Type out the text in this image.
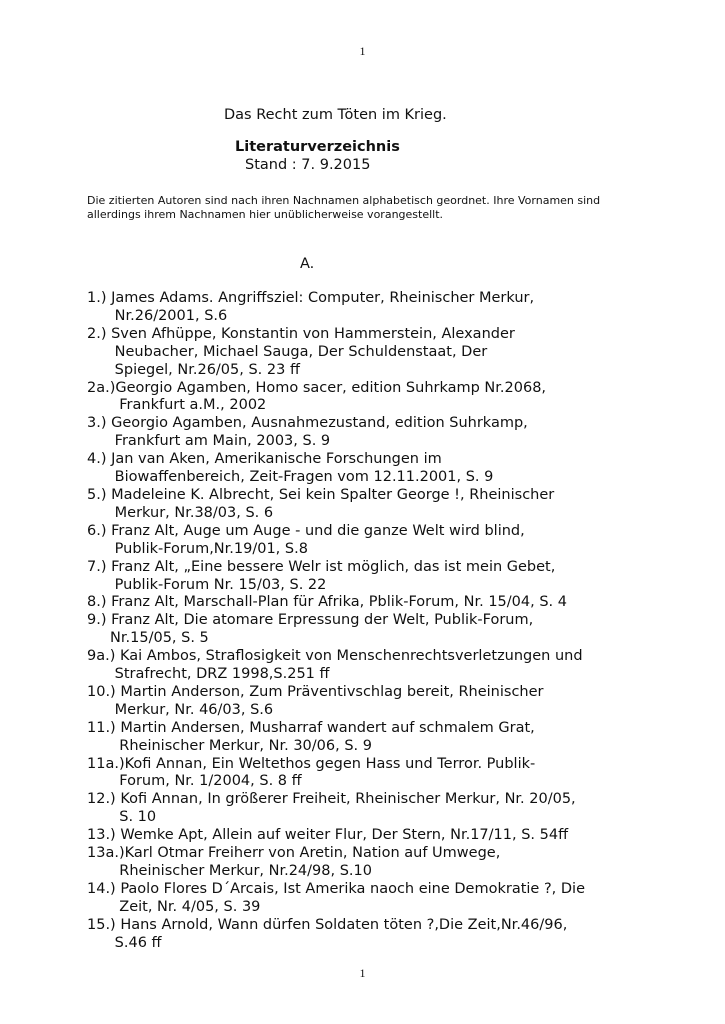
1
Das Recht zum Töten im Krieg.
Literaturverzeichnis
Stand : 7. 9.2015
Die zitierten Autoren sind nach ihren Nachnamen alphabetisch geordnet. Ihre Vornamen sind allerdings ihrem Nachnamen hier unüblicherweise vorangestellt.
A.
1.) James Adams. Angriffsziel: Computer, Rheinischer Merkur,
Nr.26/2001, S.6
2.) Sven Afhüppe, Konstantin von Hammerstein, Alexander
Neubacher, Michael Sauga, Der Schuldenstaat, Der
Spiegel, Nr.26/05, S. 23 ff
2a.)Georgio Agamben, Homo sacer, edition Suhrkamp Nr.2068,
Frankfurt a.M., 2002
3.) Georgio Agamben, Ausnahmezustand, edition Suhrkamp,
Frankfurt am Main, 2003, S. 9
4.) Jan van Aken, Amerikanische Forschungen im
Biowaffenbereich, Zeit-Fragen vom 12.11.2001, S. 9
5.) Madeleine K. Albrecht, Sei kein Spalter George !, Rheinischer
Merkur, Nr.38/03, S. 6
6.) Franz Alt, Auge um Auge - und die ganze Welt wird blind,
Publik-Forum,Nr.19/01, S.8
7.) Franz Alt, „Eine bessere Welr ist möglich, das ist mein Gebet,
Publik-Forum Nr. 15/03, S. 22
8.) Franz Alt, Marschall-Plan für Afrika, Pblik-Forum, Nr. 15/04, S. 4
9.) Franz Alt, Die atomare Erpressung der Welt, Publik-Forum,
Nr.15/05, S. 5
9a.) Kai Ambos, Straflosigkeit von Menschenrechtsverletzungen und
Strafrecht, DRZ 1998,S.251 ff
10.) Martin Anderson, Zum Präventivschlag bereit, Rheinischer
Merkur, Nr. 46/03, S.6
11.) Martin Andersen, Musharraf wandert auf schmalem Grat,
Rheinischer Merkur, Nr. 30/06, S. 9
11a.)Kofi Annan, Ein Weltethos gegen Hass und Terror. Publik-
Forum, Nr. 1/2004, S. 8 ff
12.) Kofi Annan, In größerer Freiheit, Rheinischer Merkur, Nr. 20/05,
S. 10
13.) Wemke Apt, Allein auf weiter Flur, Der Stern, Nr.17/11, S. 54ff
13a.)Karl Otmar Freiherr von Aretin, Nation auf Umwege,
Rheinischer Merkur, Nr.24/98, S.10
14.) Paolo Flores D´Arcais, Ist Amerika naoch eine Demokratie ?, Die
Zeit, Nr. 4/05, S. 39
15.) Hans Arnold, Wann dürfen Soldaten töten ?,Die Zeit,Nr.46/96,
S.46 ff
1
